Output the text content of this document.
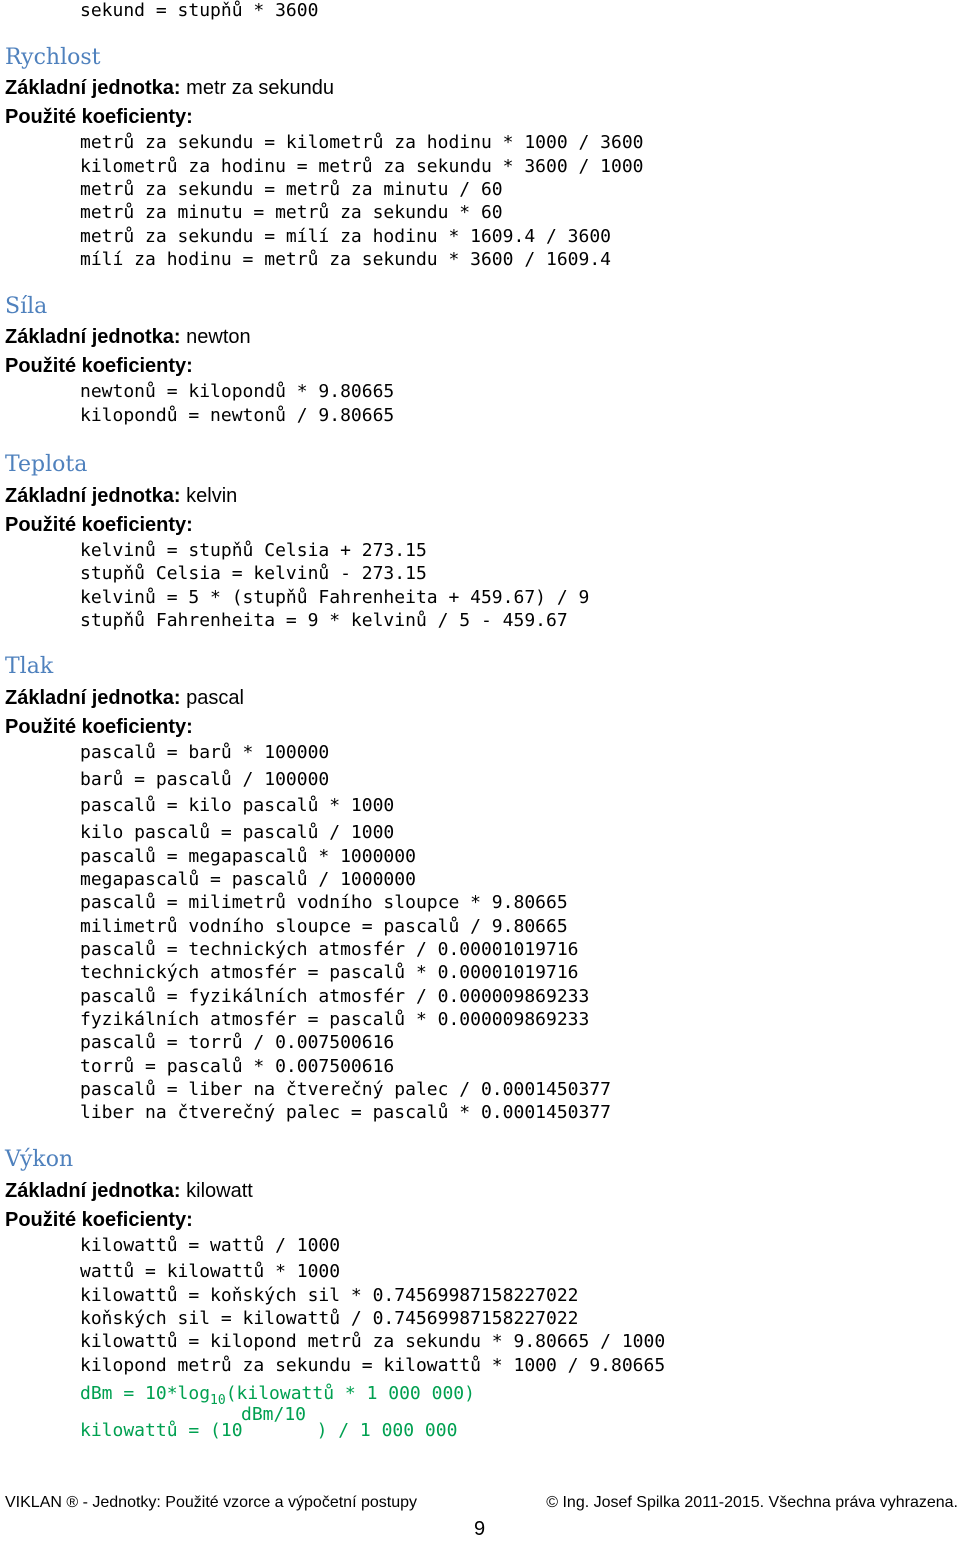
sekund = stupňů * 3600
Rychlost
Základní jednotka: metr za sekundu
Použité koeficienty:
metrů za sekundu = kilometrů za hodinu * 1000 / 3600
kilometrů za hodinu = metrů za sekundu * 3600 / 1000
metrů za sekundu = metrů za minutu / 60
metrů za minutu = metrů za sekundu * 60
metrů za sekundu = mílí za hodinu * 1609.4 / 3600
mílí za hodinu = metrů za sekundu * 3600 / 1609.4
Síla
Základní jednotka: newton
Použité koeficienty:
newtonů = kilopondů * 9.80665
kilopondů = newtonů / 9.80665
Teplota
Základní jednotka: kelvin
Použité koeficienty:
kelvinů = stupňů Celsia + 273.15
stupňů Celsia = kelvinů - 273.15
kelvinů = 5 * (stupňů Fahrenheita + 459.67) / 9
stupňů Fahrenheita = 9 * kelvinů / 5 - 459.67
Tlak
Základní jednotka: pascal
Použité koeficienty:
pascalů = barů * 100000
barů = pascalů / 100000
pascalů = kilo pascalů * 1000
kilo pascalů = pascalů / 1000
pascalů = megapascalů * 1000000
megapascalů = pascalů / 1000000
pascalů = milimetrů vodního sloupce * 9.80665
milimetrů vodního sloupce = pascalů / 9.80665
pascalů = technických atmosfér / 0.00001019716
technických atmosfér = pascalů * 0.00001019716
pascalů = fyzikálních atmosfér / 0.000009869233
fyzikálních atmosfér = pascalů * 0.000009869233
pascalů = torrů / 0.007500616
torrů = pascalů * 0.007500616
pascalů = liber na čtverečný palec / 0.0001450377
liber na čtverečný palec = pascalů * 0.0001450377
Výkon
Základní jednotka: kilowatt
Použité koeficienty:
kilowattů = wattů / 1000
wattů = kilowattů * 1000
kilowattů = koňských sil * 0.74569987158227022
koňských sil = kilowattů / 0.74569987158227022
kilowattů = kilopond metrů za sekundu * 9.80665 / 1000
kilopond metrů za sekundu = kilowattů * 1000 / 9.80665
dBm = $10*\log_{10}(kilowattů * 1$ 000 000)
dBm/10
kilowattů = (10	) / 1 000 000
VIKLAN ® - Jednotky: Použité vzorce a výpočetní postupy	© Ing. Josef Spilka 2011-2015. Všechna práva vyhrazena.
9
